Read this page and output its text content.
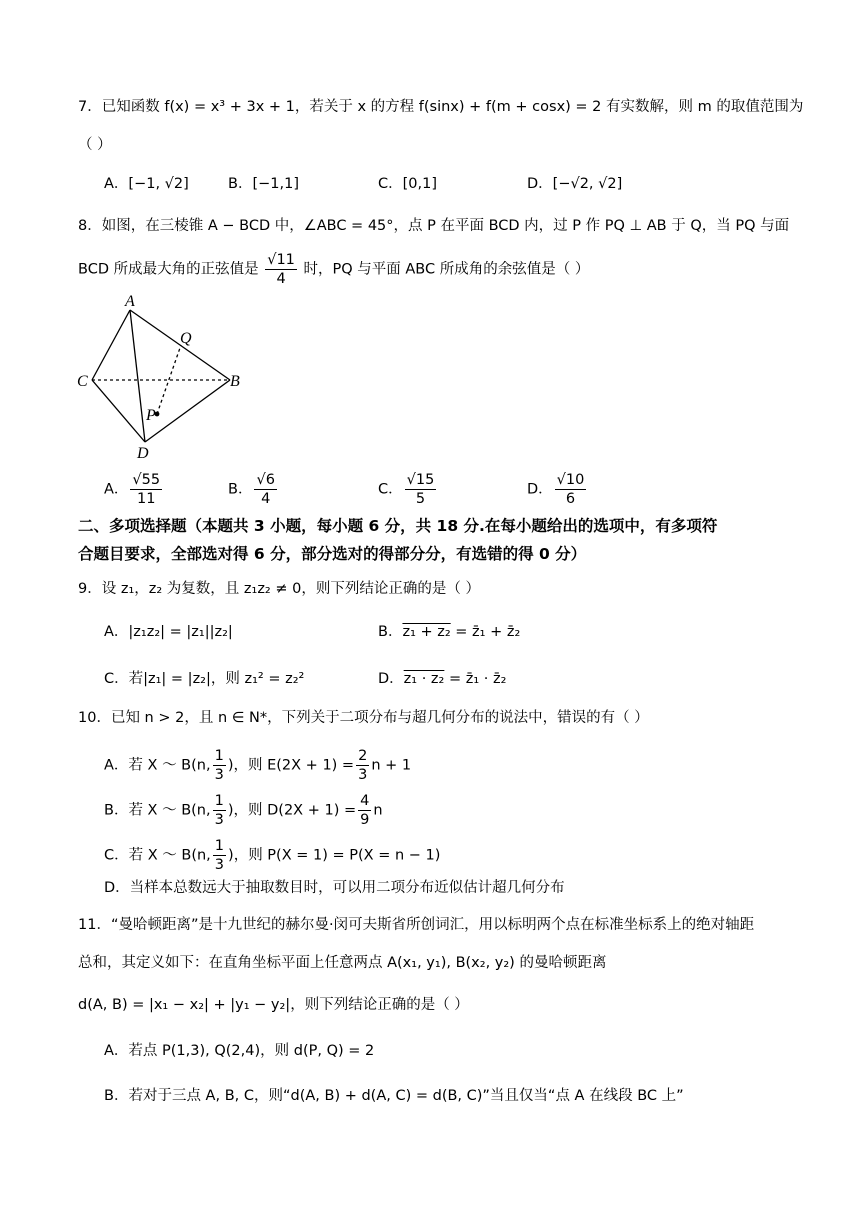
7．已知函数 f(x) = x³ + 3x + 1，若关于 x 的方程 f(sinx) + f(m + cosx) = 2 有实数解，则 m 的取值范围为
（ ）
A．[−1, √2]	B．[−1,1]	C．[0,1]	D．[−√2, √2]
8．如图，在三棱锥 A − BCD 中，∠ABC = 45°，点 P 在平面 BCD 内，过 P 作 PQ ⊥ AB 于 Q，当 PQ 与面
BCD 所成最大角的正弦值是 $\frac{√11}{4}$ 时，PQ 与平面 ABC 所成角的余弦值是（ ）
A
Q
C	B
P
D
A． $\frac{√55}{11}$	B． $\frac{√6}{4}$	C． $\frac{√15}{5}$	D． $\frac{√10}{6}$
二、多项选择题（本题共 3 小题，每小题 6 分，共 18 分.在每小题给出的选项中，有多项符
合题目要求，全部选对得 6 分，部分选对的得部分分，有选错的得 0 分）
9．设 z₁，z₂ 为复数，且 z₁z₂ ≠ 0，则下列结论正确的是（ ）
A．|z₁z₂| = |z₁||z₂|	B．z₁ + z₂ = z̄₁ + z̄₂
C．若|z₁| = |z₂|，则 z₁² = z₂²	D．z₁ · z₂ = z̄₁ · z̄₂
10．已知 n > 2，且 n ∈ N*，下列关于二项分布与超几何分布的说法中，错误的有（ ）
A．若 X ～ B(n, $\frac{1}{3}$ )，则 $E(2X + 1) = \frac{2}{3}$ n + 1
B．若 X ～ B(n, $\frac{1}{3}$ )，则 $D(2X + 1) = \frac{4}{9}$ n
C．若 X ～ B(n, $\frac{1}{3}$ )，则 P(X = 1) = P(X = n − 1)
D．当样本总数远大于抽取数目时，可以用二项分布近似估计超几何分布
11．“曼哈顿距离”是十九世纪的赫尔曼·闵可夫斯省所创词汇，用以标明两个点在标准坐标系上的绝对轴距
总和，其定义如下：在直角坐标平面上任意两点 A(x₁, y₁), B(x₂, y₂) 的曼哈顿距离
d(A, B) = |x₁ − x₂| + |y₁ − y₂|，则下列结论正确的是（ ）
A．若点 P(1,3), Q(2,4)，则 d(P, Q) = 2
B．若对于三点 A, B, C，则“d(A, B) + d(A, C) = d(B, C)”当且仅当“点 A 在线段 BC 上”
